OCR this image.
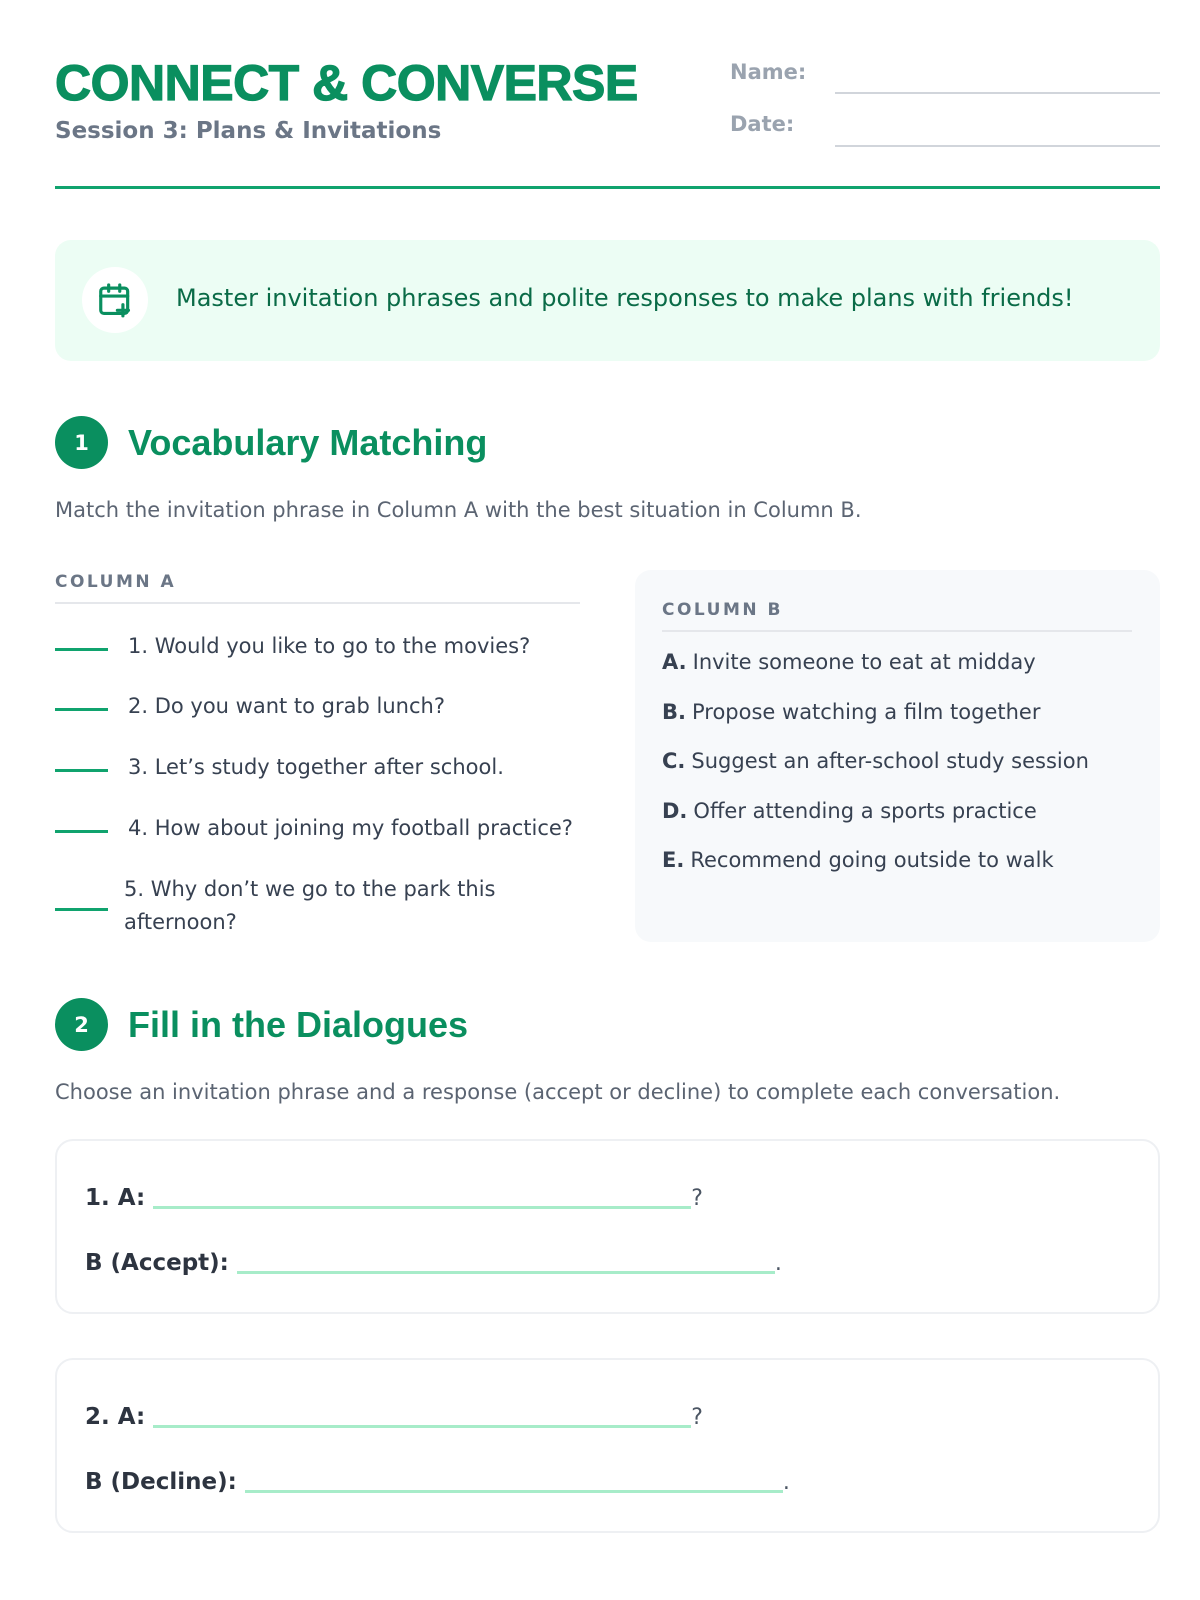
CONNECT & CONVERSE
Session 3: Plans & Invitations
Name:
Date:
Master invitation phrases and polite responses to make plans with friends!
1	Vocabulary Matching
Match the invitation phrase in Column A with the best situation in Column B.
COLUMN A
1. Would you like to go to the movies?
2. Do you want to grab lunch?
3. Let’s study together after school.
4. How about joining my football practice?
5. Why don’t we go to the park this afternoon?
COLUMN B
A. Invite someone to eat at midday
B. Propose watching a film together
C. Suggest an after-school study session
D. Offer attending a sports practice
E. Recommend going outside to walk
2	Fill in the Dialogues
Choose an invitation phrase and a response (accept or decline) to complete each conversation.
1. A:	?
B (Accept):	.
2. A:	?
B (Decline):	.
